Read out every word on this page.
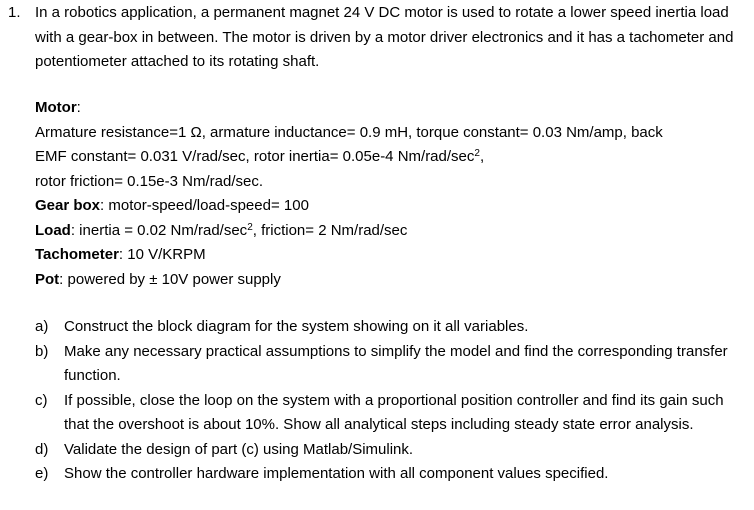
1. In a robotics application, a permanent magnet 24 V DC motor is used to rotate a lower speed inertia load with a gear-box in between. The motor is driven by a motor driver electronics and it has a tachometer and potentiometer attached to its rotating shaft.

Motor:

Armature resistance=1 Ω, armature inductance= 0.9 mH, torque constant= 0.03 Nm/amp, back

EMF constant= 0.031 V/rad/sec, rotor inertia= 0.05e-4 $Nm/rad/\sec^2$,

rotor friction= 0.15e-3 Nm/rad/sec.

Gear box: motor-speed/load-speed= 100

Load: inertia = 0.02 $Nm/rad/\sec^2$, friction= 2 Nm/rad/sec

Tachometer: 10 V/KRPM

Pot: powered by ± 10V power supply

a)	Construct the block diagram for the system showing on it all variables.
b)	Make any necessary practical assumptions to simplify the model and find the corresponding transfer function.
c)	If possible, close the loop on the system with a proportional position controller and find its gain such that the overshoot is about 10%. Show all analytical steps including steady state error analysis.
d)	Validate the design of part (c) using Matlab/Simulink.
e)	Show the controller hardware implementation with all component values specified.
